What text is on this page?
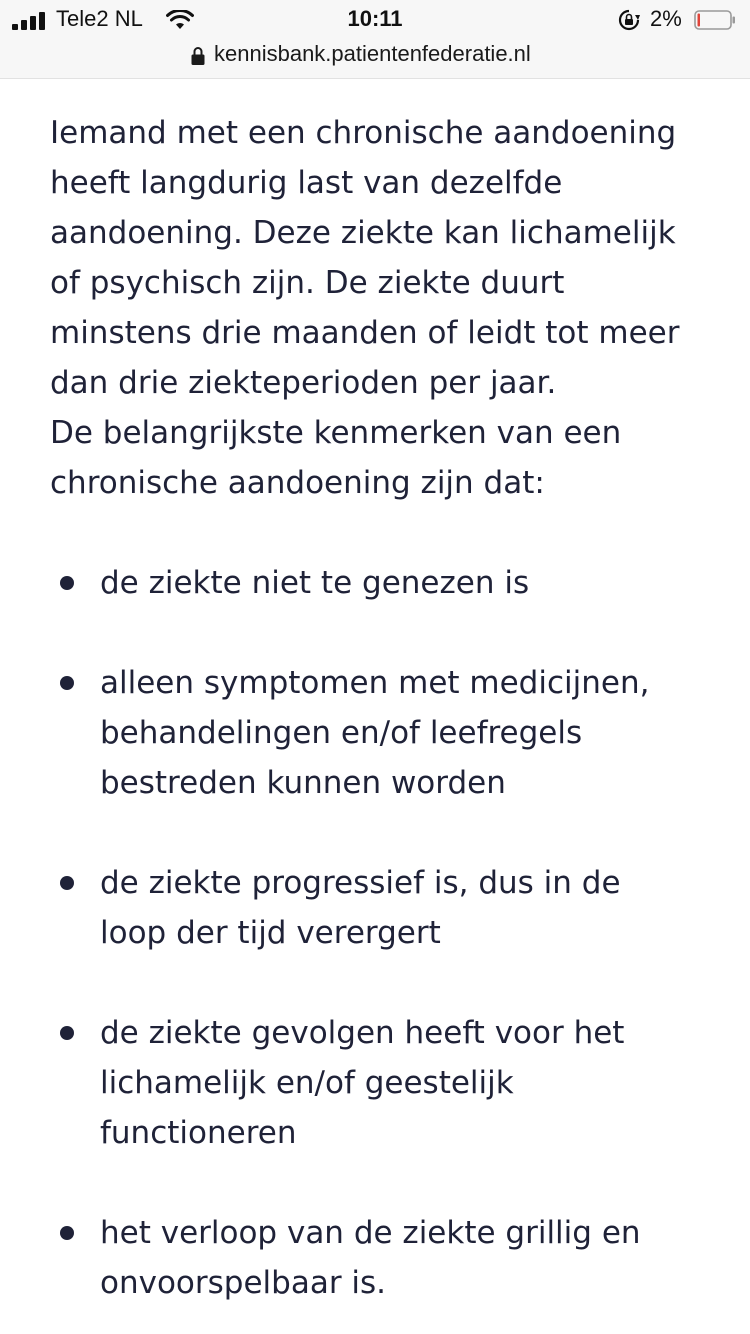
Tele2 NL	10:11	2%
kennisbank.patientenfederatie.nl

Iemand met een chronische aandoening
heeft langdurig last van dezelfde
aandoening. Deze ziekte kan lichamelijk
of psychisch zijn. De ziekte duurt
minstens drie maanden of leidt tot meer
dan drie ziekteperioden per jaar.
De belangrijkste kenmerken van een
chronische aandoening zijn dat:

de ziekte niet te genezen is
alleen symptomen met medicijnen,
behandelingen en/of leefregels
bestreden kunnen worden
de ziekte progressief is, dus in de
loop der tijd verergert
de ziekte gevolgen heeft voor het
lichamelijk en/of geestelijk
functioneren
het verloop van de ziekte grillig en
onvoorspelbaar is.
